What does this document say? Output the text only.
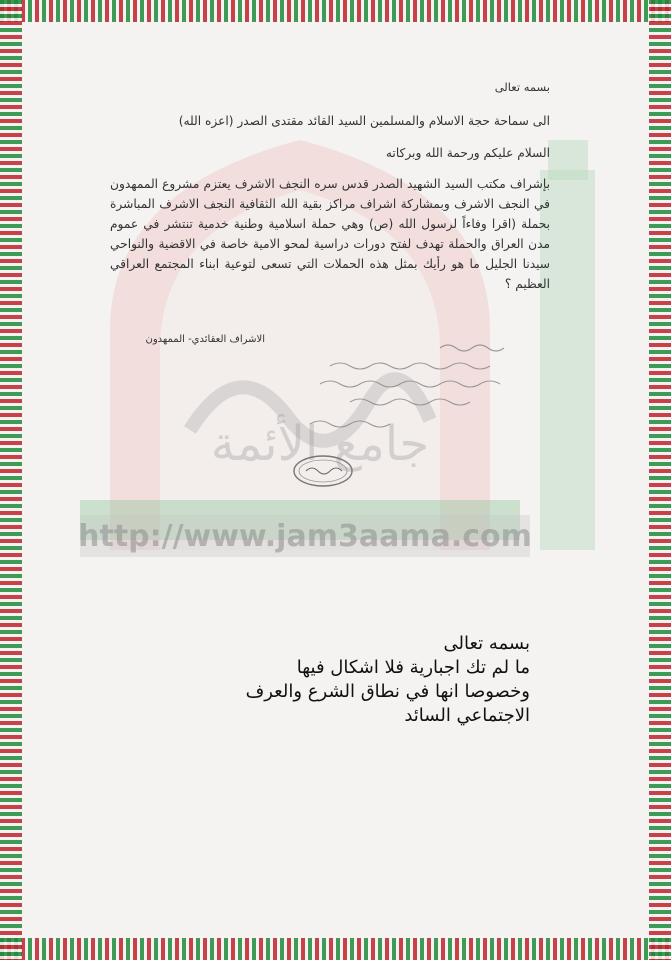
جامع الأئمة
http://www.jam3aama.com

بسمه تعالى

الى سماحة حجة الاسلام والمسلمين السيد القائد مقتدى الصدر (اعزه الله)

السلام عليكم ورحمة الله وبركاته

بإشراف مكتب السيد الشهيد الصدر قدس سره النجف الاشرف يعتزم مشروع الممهدون في النجف الاشرف وبمشاركة اشراف مراكز بقية الله الثقافية النجف الاشرف المباشرة بحملة (اقرا وفاءاً لرسول الله (ص) وهي حملة اسلامية وطنية خدمية تنتشر في عموم مدن العراق والحملة تهدف لفتح دورات دراسية لمحو الامية خاصة في الاقضية والنواحي سيدنا الجليل ما هو رأيك بمثل هذه الحملات التي تسعى لتوعية ابناء المجتمع العراقي العظيم ؟

الاشراف العقائدي- الممهدون

بسمه تعالى

ما لم تك اجبارية فلا اشكال فيها

وخصوصا انها في نطاق الشرع والعرف

الاجتماعي السائد
